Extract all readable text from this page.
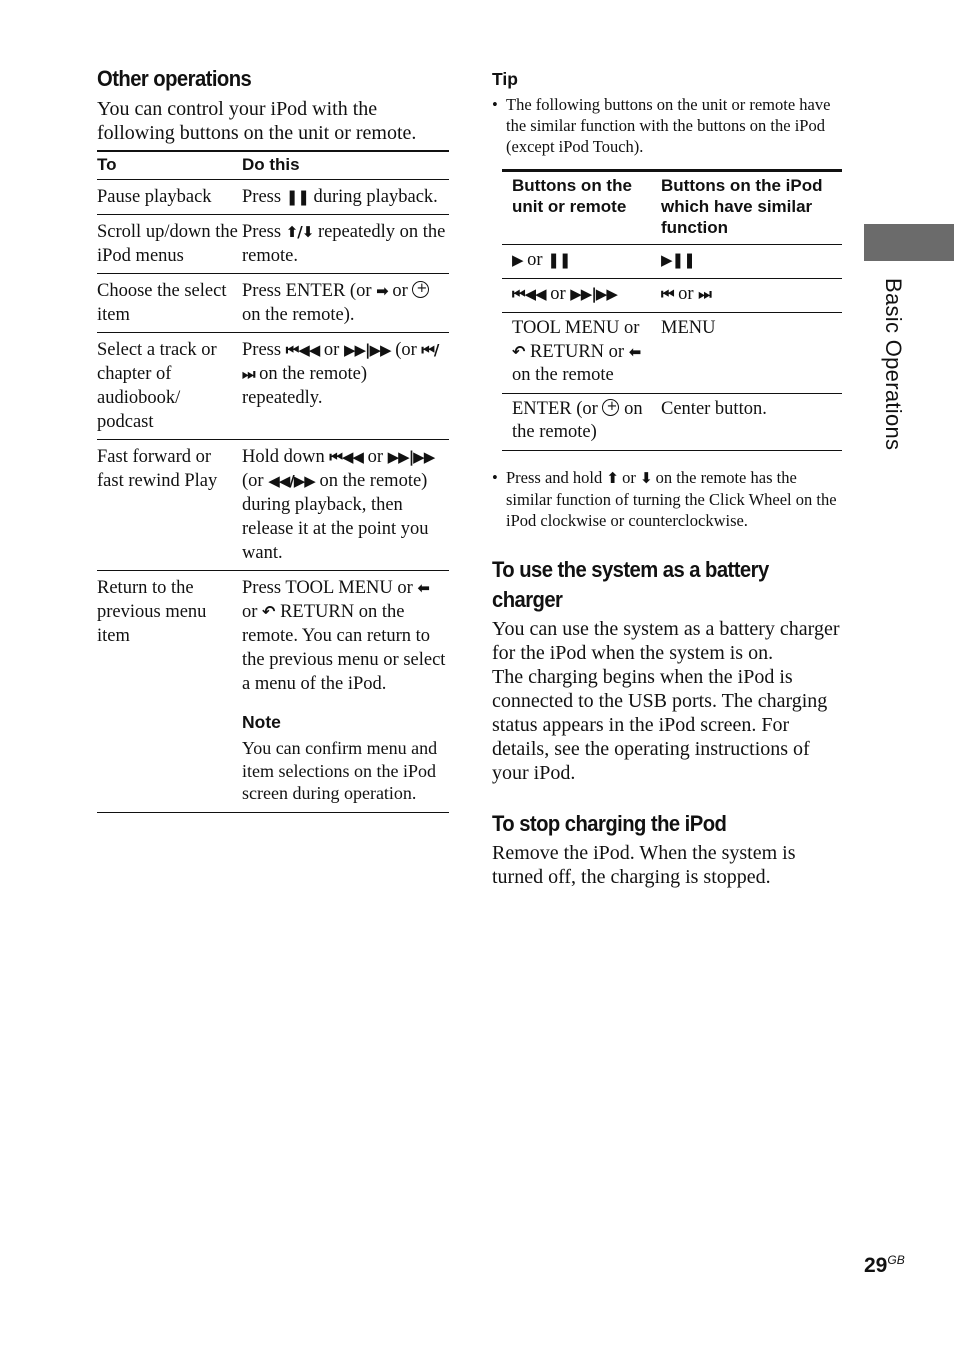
Other operations

You can control your iPod with the following buttons on the unit or remote.

To	Do this
Pause playback	Press ❚❚ during playback.
Scroll up/down the iPod menus	Press ⬆/⬇ repeatedly on the remote.
Choose the select item	Press ENTER (or ➡ or  on the remote).
Select a track or chapter of audiobook/ podcast	Press ⏮◀◀ or ▶▶|▶▶ (or ⏮/⏭ on the remote) repeatedly.
Fast forward or fast rewind Play	Hold down ⏮◀◀ or ▶▶|▶▶ (or ◀◀/▶▶ on the remote) during playback, then release it at the point you want.
Return to the previous menu item	Press TOOL MENU or ⬅ or ↶ RETURN on the remote. You can return to the previous menu or select a menu of the iPod.
Note
You can confirm menu and item selections on the iPod screen during operation.
Tip
• The following buttons on the unit or remote have the similar function with the buttons on the iPod (except iPod Touch).
Buttons on the unit or remote	Buttons on the iPod which have similar function
▶ or ❚❚	▶❚❚
⏮◀◀ or ▶▶|▶▶	⏮ or ⏭
TOOL MENU or ↶ RETURN or ⬅ on the remote	MENU
ENTER (or  on the remote)	Center button.
• Press and hold ⬆ or ⬇ on the remote has the similar function of turning the Click Wheel on the iPod clockwise or counterclockwise.
To use the system as a battery
charger

You can use the system as a battery charger for the iPod when the system is on.

The charging begins when the iPod is connected to the USB ports. The charging status appears in the iPod screen. For details, see the operating instructions of your iPod.

To stop charging the iPod

Remove the iPod. When the system is turned off, the charging is stopped.

Basic Operations
$29^{GB}$
